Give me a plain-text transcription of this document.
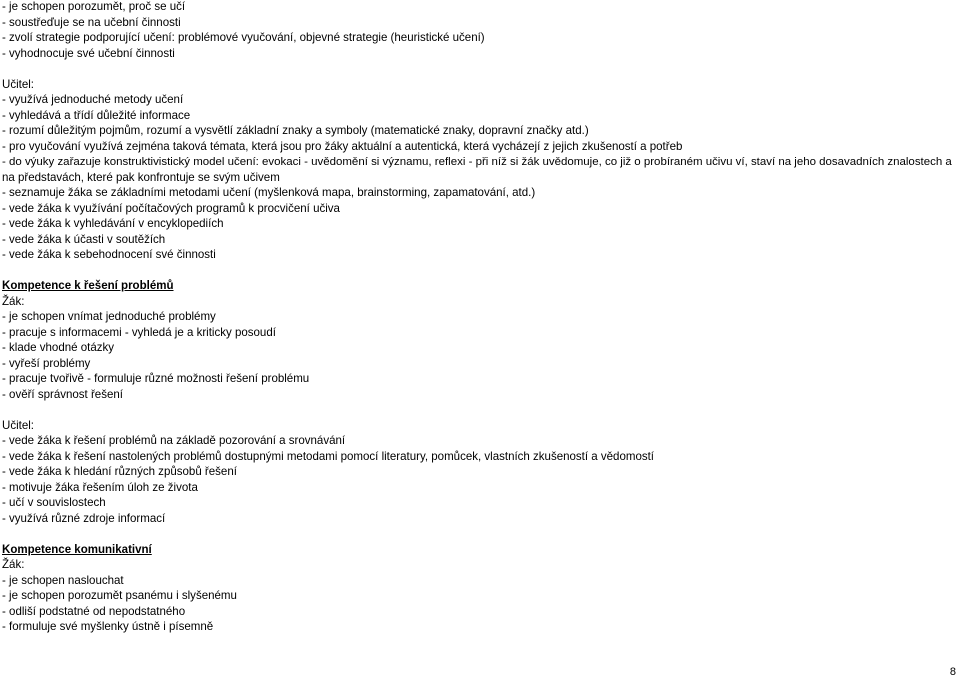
- je schopen porozumět, proč se učí
- soustřeďuje se na učební činnosti
- zvolí strategie podporující učení: problémové vyučování, objevné strategie (heuristické učení)
- vyhodnocuje své učební činnosti
Učitel:
- využívá jednoduché metody učení
- vyhledává a třídí důležité informace
- rozumí důležitým pojmům, rozumí a vysvětlí základní znaky a symboly (matematické znaky, dopravní značky atd.)
- pro vyučování využívá zejména taková témata, která jsou pro žáky aktuální a autentická, která vycházejí z jejich zkušeností a potřeb
- do výuky zařazuje konstruktivistický model učení: evokaci - uvědomění si významu, reflexi - při níž si žák uvědomuje, co již o probíraném učivu ví, staví na jeho dosavadních znalostech a
na představách, které pak konfrontuje se svým učivem
- seznamuje žáka se základními metodami učení (myšlenková mapa, brainstorming, zapamatování, atd.)
- vede žáka k využívání počítačových programů k procvičení učiva
- vede žáka k vyhledávání v encyklopediích
- vede žáka k účasti v soutěžích
- vede žáka k sebehodnocení své činnosti
Kompetence k řešení problémů
Žák:
- je schopen vnímat jednoduché problémy
- pracuje s informacemi - vyhledá je a kriticky posoudí
- klade vhodné otázky
- vyřeší problémy
- pracuje tvořivě - formuluje různé možnosti řešení problému
- ověří správnost řešení
Učitel:
- vede žáka k řešení problémů na základě pozorování a srovnávání
- vede žáka k řešení nastolených problémů dostupnými metodami pomocí literatury, pomůcek, vlastních zkušeností a vědomostí
- vede žáka k hledání různých způsobů řešení
- motivuje žáka řešením úloh ze života
- učí v souvislostech
- využívá různé zdroje informací
Kompetence komunikativní
Žák:
- je schopen naslouchat
- je schopen porozumět psanému i slyšenému
- odliší podstatné od nepodstatného
- formuluje své myšlenky ústně i písemně
8
